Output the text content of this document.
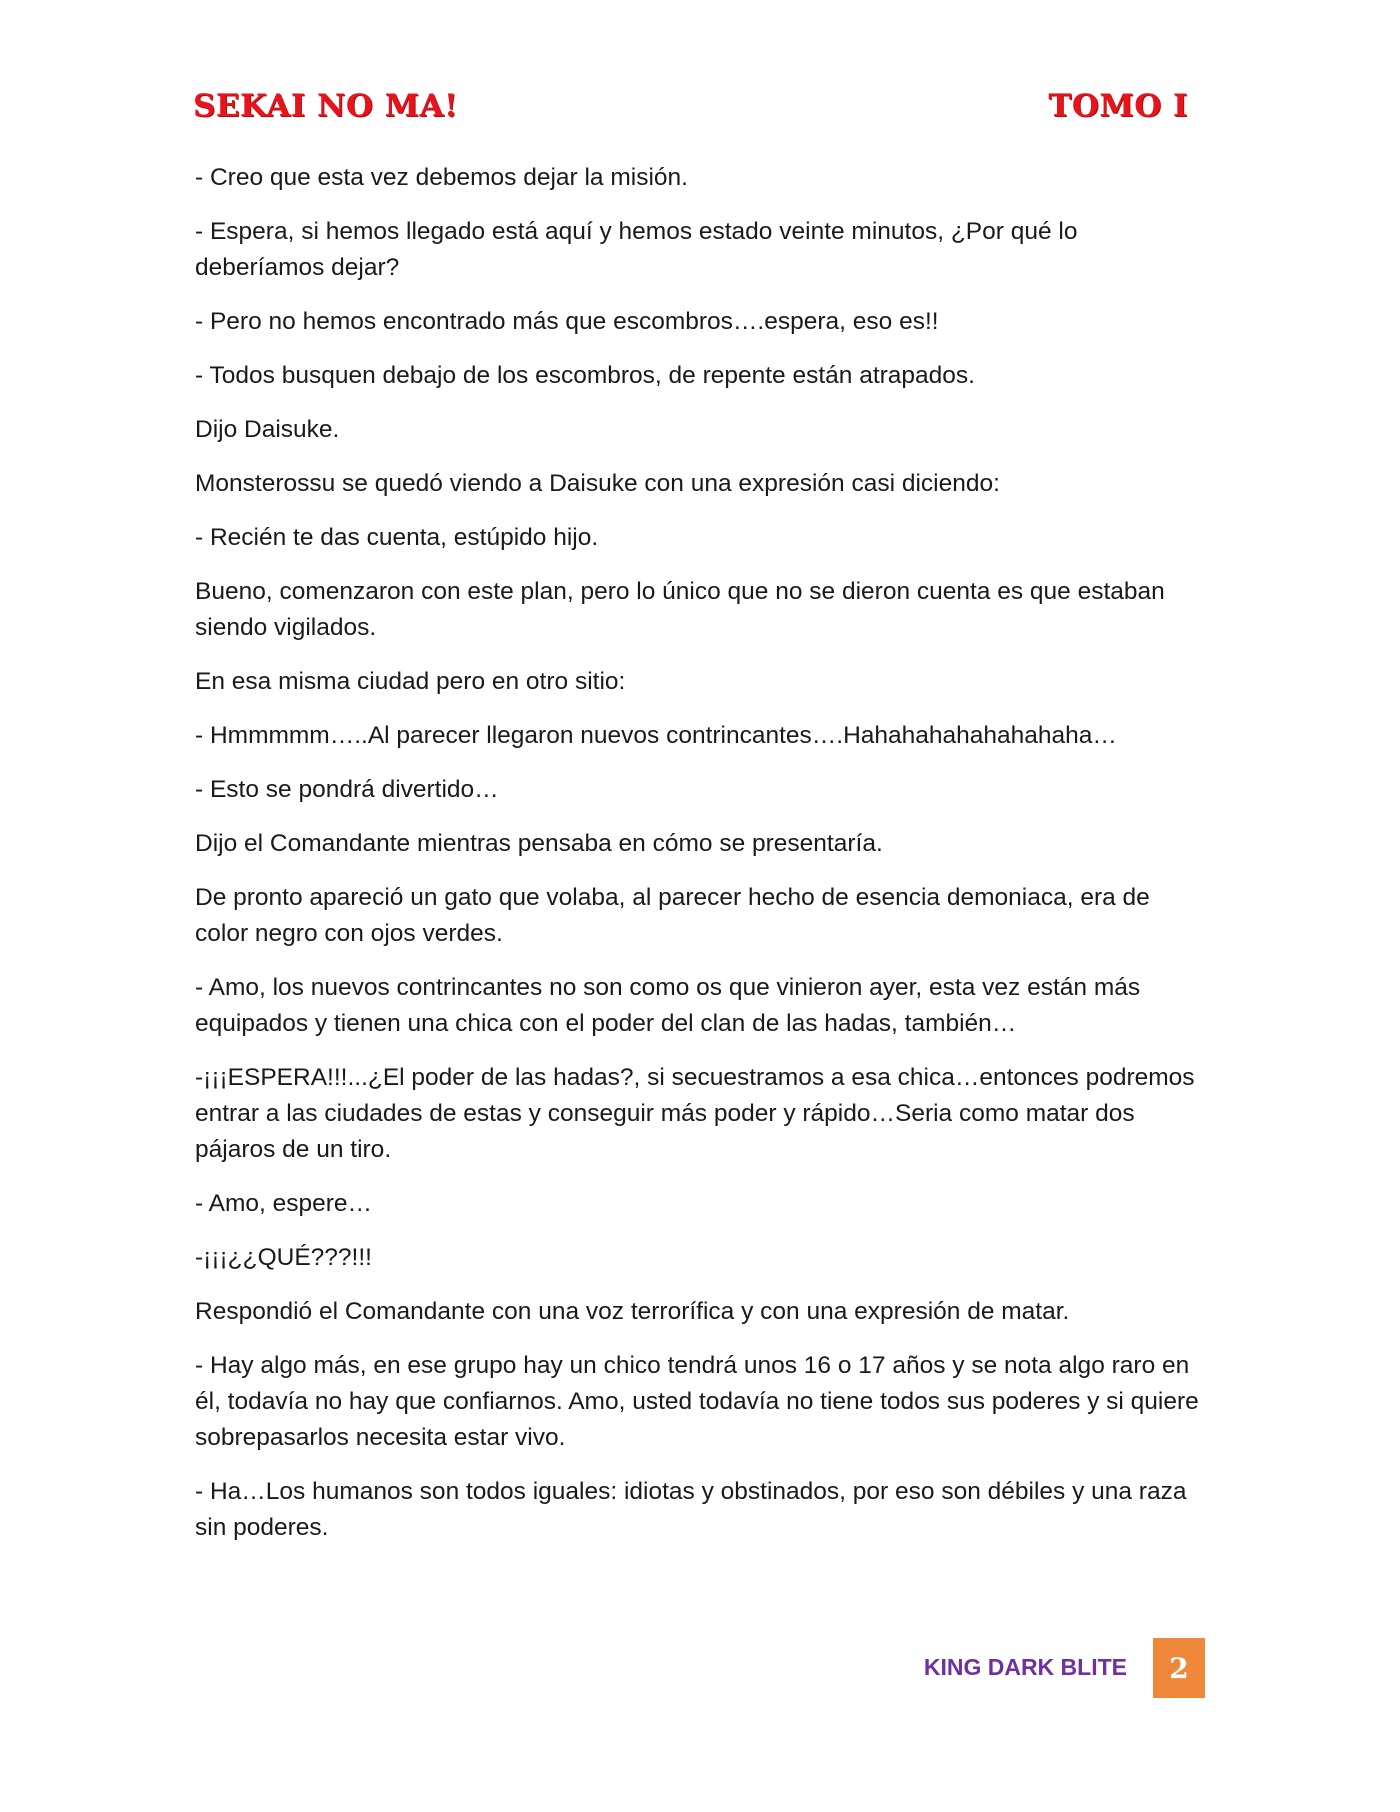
SEKAI NO MA!	TOMO I

- Creo que esta vez debemos dejar la misión.

- Espera, si hemos llegado está aquí y hemos estado veinte minutos, ¿Por qué lo deberíamos dejar?

- Pero no hemos encontrado más que escombros….espera, eso es!!

- Todos busquen debajo de los escombros, de repente están atrapados.

Dijo Daisuke.

Monsterossu se quedó viendo a Daisuke con una expresión casi diciendo:

- Recién te das cuenta, estúpido hijo.

Bueno, comenzaron con este plan, pero lo único que no se dieron cuenta es que estaban siendo vigilados.

En esa misma ciudad pero en otro sitio:

- Hmmmmm…..Al parecer llegaron nuevos contrincantes….Hahahahahahahahaha…

- Esto se pondrá divertido…

Dijo el Comandante mientras pensaba en cómo se presentaría.

De pronto apareció un gato que volaba, al parecer hecho de esencia demoniaca, era de color negro con ojos verdes.

- Amo, los nuevos contrincantes no son como os que vinieron ayer, esta vez están más equipados y tienen una chica con el poder del clan de las hadas, también…

-¡¡¡ESPERA!!!...¿El poder de las hadas?, si secuestramos a esa chica…entonces podremos entrar a las ciudades de estas y conseguir más poder y rápido…Seria como matar dos pájaros de un tiro.

- Amo, espere…

-¡¡¡¿¿QUÉ???!!!

Respondió el Comandante con una voz terrorífica y con una expresión de matar.

- Hay algo más, en ese grupo hay un chico tendrá unos 16 o 17 años y se nota algo raro en él, todavía no hay que confiarnos. Amo, usted todavía no tiene todos sus poderes y si quiere sobrepasarlos necesita estar vivo.

- Ha…Los humanos son todos iguales: idiotas y obstinados, por eso son débiles y una raza sin poderes.

KING DARK BLITE 2
